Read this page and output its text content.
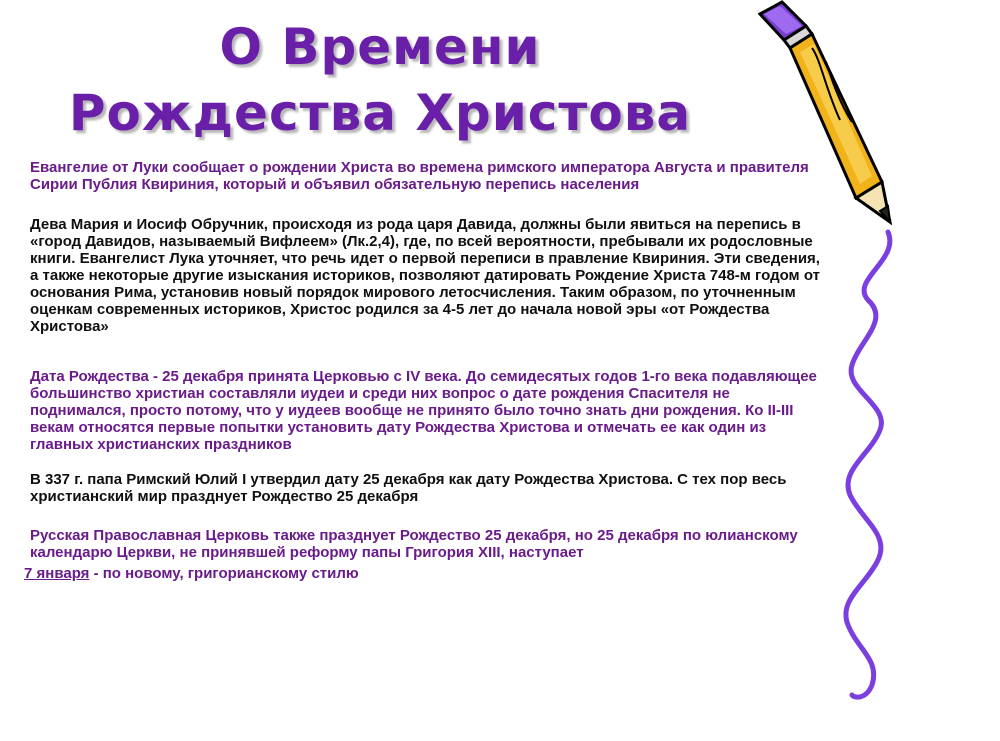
О Времени
Рождества Христова
Евангелие от Луки сообщает о рождении Христа во времена римского императора Августа и правителя Сирии Публия Квириния, который и объявил обязательную перепись населения
Дева Мария и Иосиф Обручник, происходя из рода царя Давида, должны были явиться на перепись в «город Давидов, называемый Вифлеем» (Лк.2,4), где, по всей вероятности, пребывали их родословные книги. Евангелист Лука уточняет, что речь идет о первой переписи в правление Квириния. Эти сведения, а также некоторые другие изыскания историков, позволяют датировать Рождение Христа 748-м годом от основания Рима, установив новый порядок мирового летосчисления. Таким образом, по уточненным оценкам современных историков, Христос родился за 4-5 лет до начала новой эры «от Рождества Христова»
Дата Рождества - 25 декабря принята Церковью с IV века. До семидесятых годов 1-го века подавляющее большинство христиан составляли иудеи и среди них вопрос о дате рождения Спасителя не поднимался, просто потому, что у иудеев вообще не принято было точно знать дни рождения. Ко II-III векам относятся первые попытки установить дату Рождества Христова и отмечать ее как один из главных христианских праздников
В 337 г. папа Римский Юлий I утвердил дату 25 декабря как дату Рождества Христова. С тех пор весь христианский мир празднует Рождество 25 декабря
Русская Православная Церковь также празднует Рождество 25 декабря, но 25 декабря по юлианскому календарю Церкви, не принявшей реформу папы Григория XIII, наступает
7 января - по новому, григорианскому стилю
